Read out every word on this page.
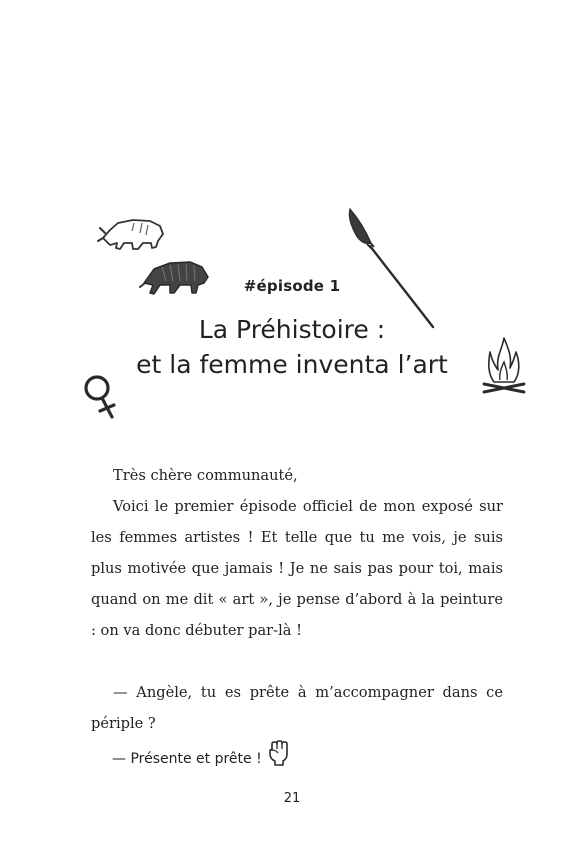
#épisode 1
La Préhistoire :
et la femme inventa l’art
Très chère communauté,
Voici le premier épisode officiel de mon exposé sur les femmes artistes ! Et telle que tu me vois, je suis plus motivée que jamais ! Je ne sais pas pour toi, mais quand on me dit « art », je pense d’abord à la peinture : on va donc débuter par-là !
— Angèle, tu es prête à m’accompagner dans ce périple ?
— Présente et prête !
21
